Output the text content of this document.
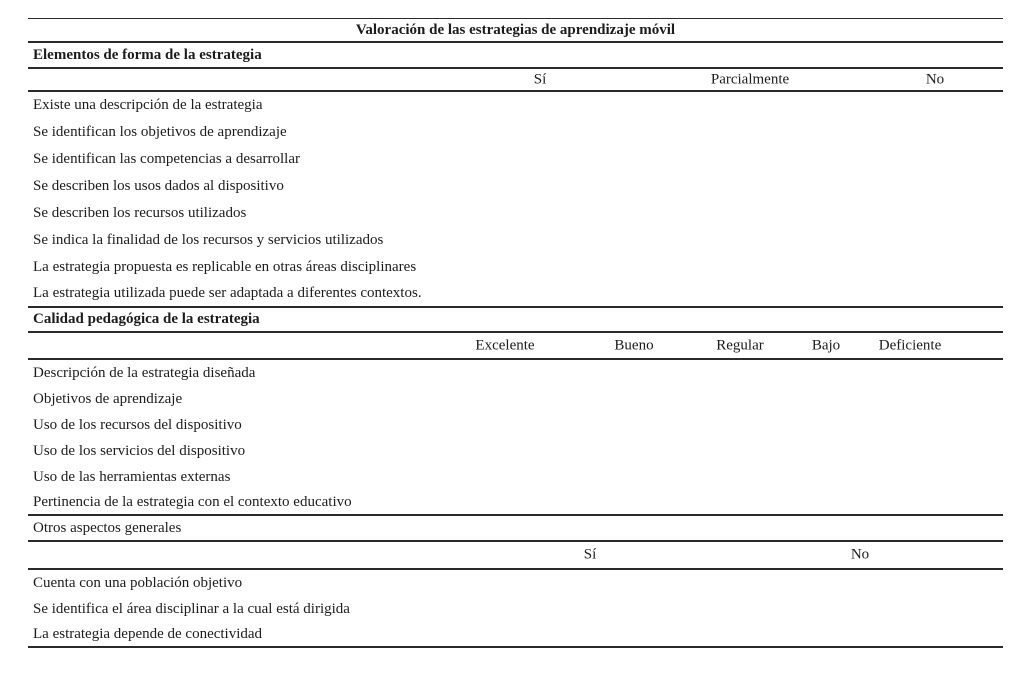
Valoración de las estrategias de aprendizaje móvil
Elementos de forma de la estrategia
Sí	Parcialmente	No
Existe una descripción de la estrategia
Se identifican los objetivos de aprendizaje
Se identifican las competencias a desarrollar
Se describen los usos dados al dispositivo
Se describen los recursos utilizados
Se indica la finalidad de los recursos y servicios utilizados
La estrategia propuesta es replicable en otras áreas disciplinares
La estrategia utilizada puede ser adaptada a diferentes contextos.
Calidad pedagógica de la estrategia
Excelente	Bueno	Regular	Bajo	Deficiente
Descripción de la estrategia diseñada
Objetivos de aprendizaje
Uso de los recursos del dispositivo
Uso de los servicios del dispositivo
Uso de las herramientas externas
Pertinencia de la estrategia con el contexto educativo
Otros aspectos generales
Sí	No
Cuenta con una población objetivo
Se identifica el área disciplinar a la cual está dirigida
La estrategia depende de conectividad
